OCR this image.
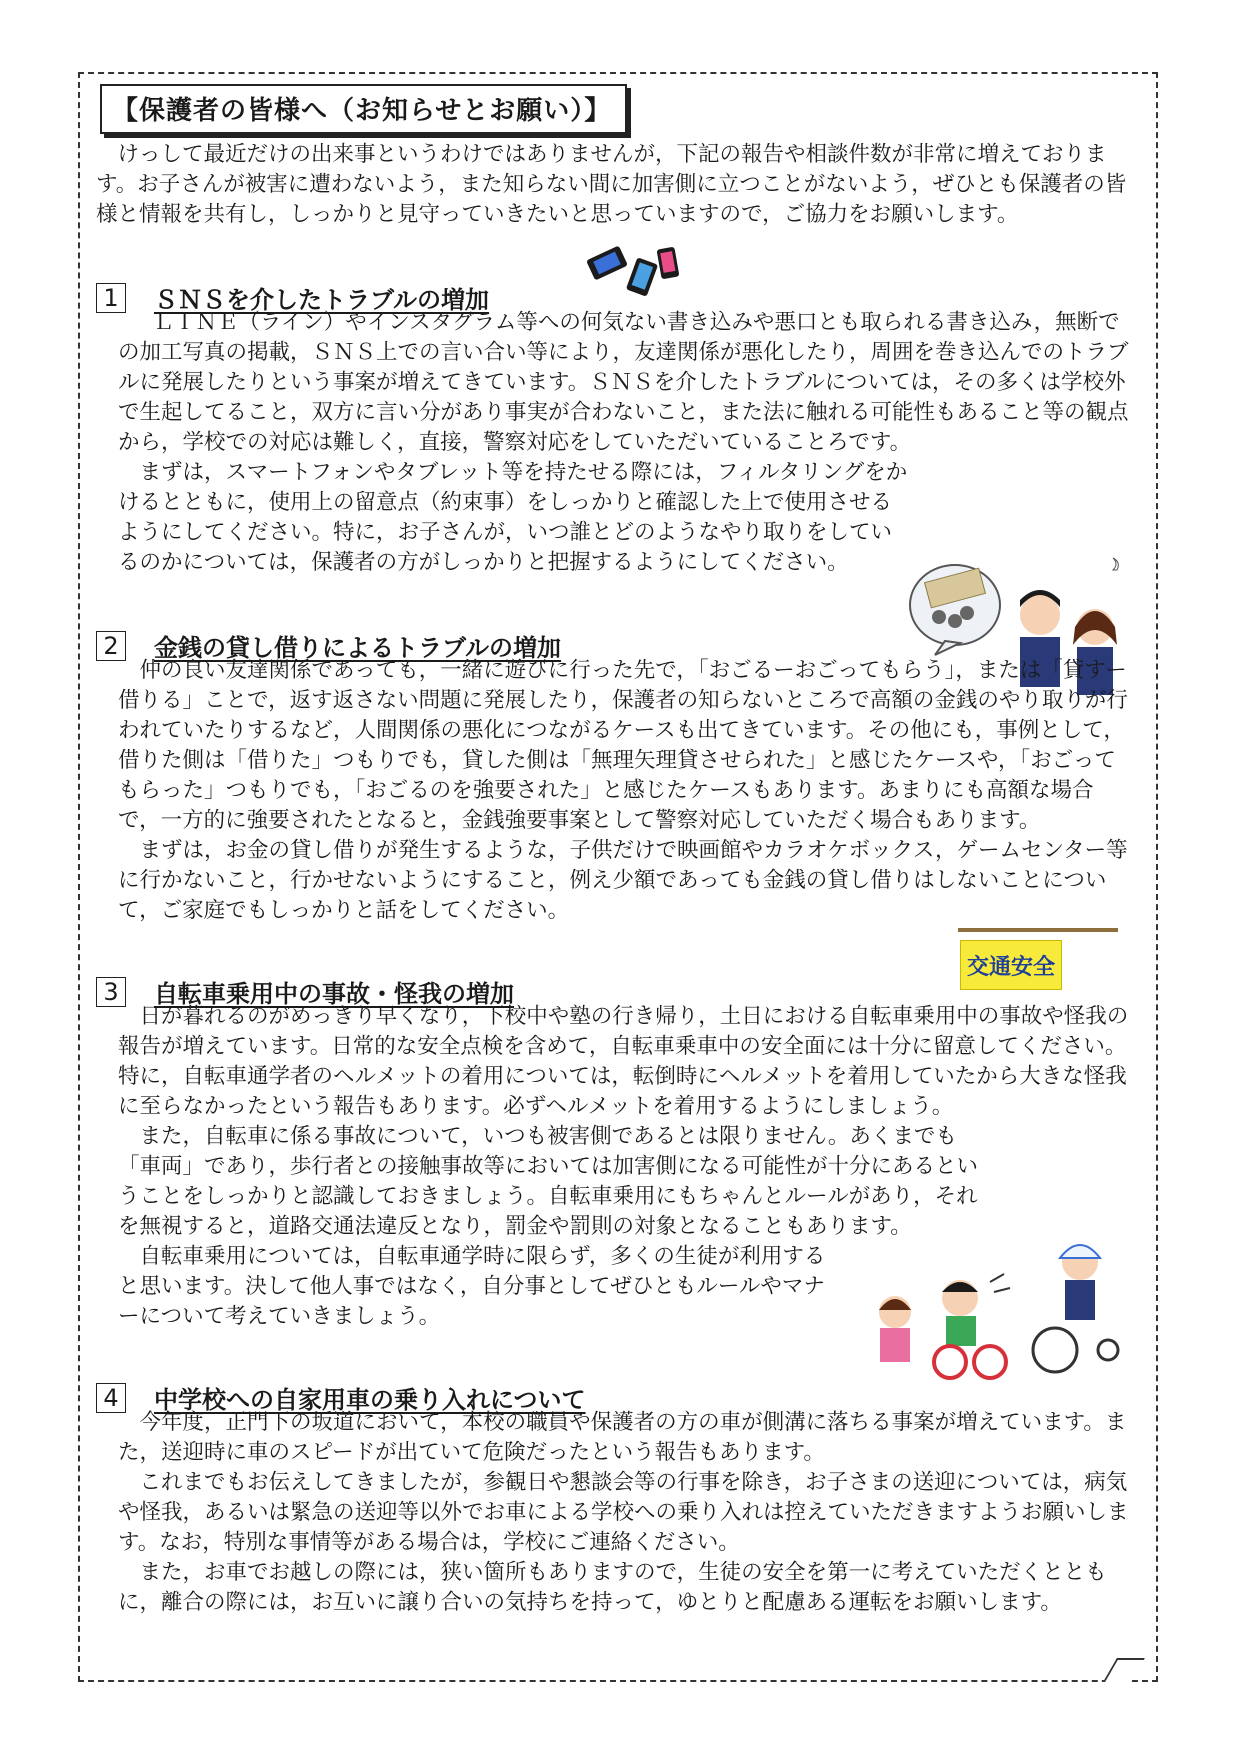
【保護者の皆様へ（お知らせとお願い）】

けっして最近だけの出来事というわけではありませんが，下記の報告や相談件数が非常に増えております。お子さんが被害に遭わないよう，また知らない間に加害側に立つことがないよう，ぜひとも保護者の皆様と情報を共有し，しっかりと見守っていきたいと思っていますので，ご協力をお願いします。

1	ＳＮＳを介したトラブルの増加

ＬＩＮＥ（ライン）やインスタグラム等への何気ない書き込みや悪口とも取られる書き込み，無断での加工写真の掲載，ＳＮＳ上での言い合い等により，友達関係が悪化したり，周囲を巻き込んでのトラブルに発展したりという事案が増えてきています。ＳＮＳを介したトラブルについては，その多くは学校外で生起してること，双方に言い分があり事実が合わないこと，また法に触れる可能性もあること等の観点から，学校での対応は難しく，直接，警察対応をしていただいていることろです。

まずは，スマートフォンやタブレット等を持たせる際には，フィルタリングをかけるとともに，使用上の留意点（約束事）をしっかりと確認した上で使用させるようにしてください。特に，お子さんが，いつ誰とどのようなやり取りをしているのかについては，保護者の方がしっかりと把握するようにしてください。

2	金銭の貸し借りによるトラブルの増加

仲の良い友達関係であっても，一緒に遊びに行った先で，「おごるーおごってもらう」，または「貸すー借りる」ことで，返す返さない問題に発展したり，保護者の知らないところで高額の金銭のやり取りが行われていたりするなど，人間関係の悪化につながるケースも出てきています。その他にも，事例として，借りた側は「借りた」つもりでも，貸した側は「無理矢理貸させられた」と感じたケースや，「おごってもらった」つもりでも，「おごるのを強要された」と感じたケースもあります。あまりにも高額な場合で，一方的に強要されたとなると，金銭強要事案として警察対応していただく場合もあります。

まずは，お金の貸し借りが発生するような，子供だけで映画館やカラオケボックス，ゲームセンター等に行かないこと，行かせないようにすること，例え少額であっても金銭の貸し借りはしないことについて，ご家庭でもしっかりと話をしてください。

交通安全
3	自転車乗用中の事故・怪我の増加

日が暮れるのがめっきり早くなり，下校中や塾の行き帰り，土日における自転車乗用中の事故や怪我の報告が増えています。日常的な安全点検を含めて，自転車乗車中の安全面には十分に留意してください。特に，自転車通学者のヘルメットの着用については，転倒時にヘルメットを着用していたから大きな怪我に至らなかったという報告もあります。必ずヘルメットを着用するようにしましょう。

また，自転車に係る事故について，いつも被害側であるとは限りません。あくまでも「車両」であり，歩行者との接触事故等においては加害側になる可能性が十分にあるということをしっかりと認識しておきましょう。自転車乗用にもちゃんとルールがあり，それを無視すると，道路交通法違反となり，罰金や罰則の対象となることもあります。

自転車乗用については，自転車通学時に限らず，多くの生徒が利用すると思います。決して他人事ではなく，自分事としてぜひともルールやマナーについて考えていきましょう。

4	中学校への自家用車の乗り入れについて

今年度，正門下の坂道において，本校の職員や保護者の方の車が側溝に落ちる事案が増えています。また，送迎時に車のスピードが出ていて危険だったという報告もあります。

これまでもお伝えしてきましたが，参観日や懇談会等の行事を除き，お子さまの送迎については，病気や怪我，あるいは緊急の送迎等以外でお車による学校への乗り入れは控えていただきますようお願いします。なお，特別な事情等がある場合は，学校にご連絡ください。

また，お車でお越しの際には，狭い箇所もありますので，生徒の安全を第一に考えていただくとともに，離合の際には，お互いに譲り合いの気持ちを持って，ゆとりと配慮ある運転をお願いします。
